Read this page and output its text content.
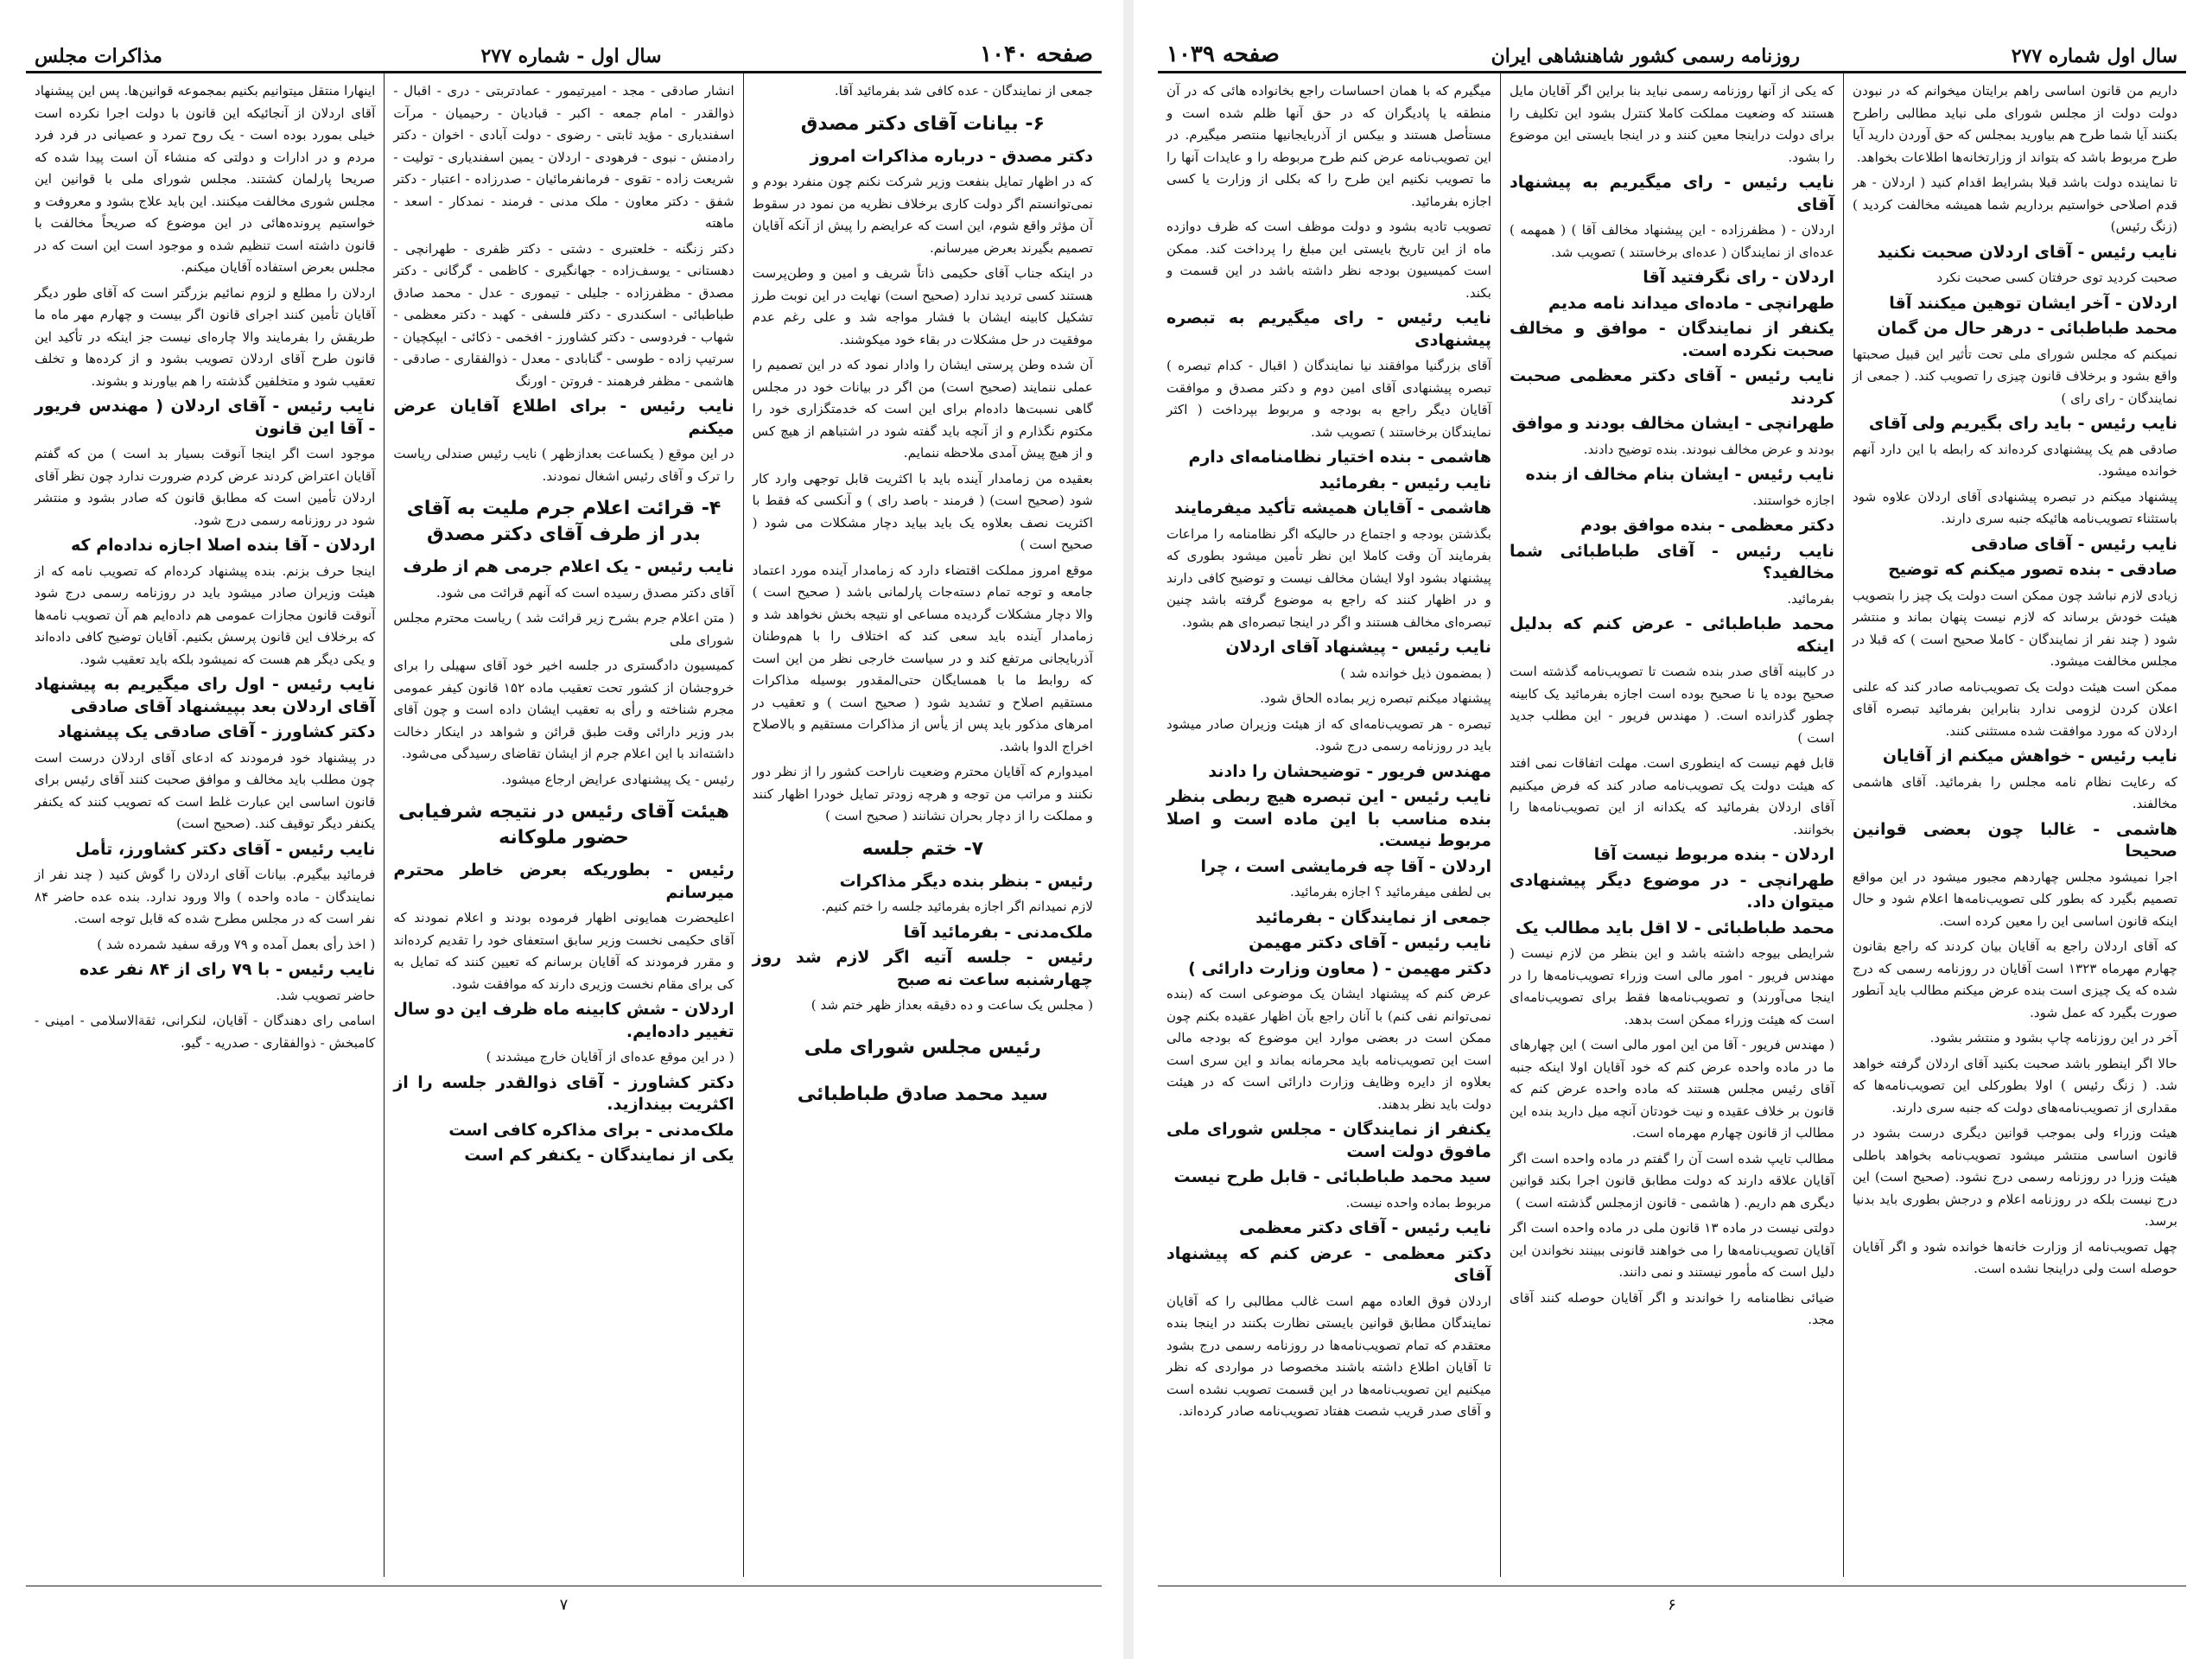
صفحه ۱۰۴۰
سال اول - شماره ۲۷۷
مذاکرات مجلس

جمعی از نمایندگان - عده کافی شد بفرمائید آقا.

۶- بیانات آقای دکتر مصدق

دکتر مصدق - درباره مذاکرات امروز

که در اظهار تمایل بنفعت وزیر شرکت نکنم چون منفرد بودم و نمی‌توانستم اگر دولت کاری برخلاف نظریه من نمود در سقوط آن مؤثر واقع شوم، این است که عرایضم را پیش از آنکه آقایان تصمیم بگیرند بعرض میرسانم.

در اینکه جناب آقای حکیمی ذاتاً شریف و امین و وطن‌پرست هستند کسی تردید ندارد (صحیح است) نهایت در این نوبت طرز تشکیل کابینه ایشان با فشار مواجه شد و علی رغم عدم موفقیت در حل مشکلات در بقاء خود میکوشند.

آن شده وطن پرستی ایشان را وادار نمود که در این تصمیم را عملی ننمایند (صحیح است) من اگر در بیانات خود در مجلس گاهی نسبت‌ها داده‌ام برای این است که خدمتگزاری خود را مکتوم نگذارم و از آنچه باید گفته شود در اشتباهم از هیچ کس و از هیچ پیش آمدی ملاحظه ننمایم.

بعقیده من زمامدار آینده باید با اکثریت قابل توجهی وارد کار شود (صحیح است) ( فرمند - باصد رای ) و آنکسی که فقط با اکثریت نصف بعلاوه یک باید بیاید دچار مشکلات می شود ( صحیح است )

موقع امروز مملکت اقتضاء دارد که زمامدار آینده مورد اعتماد جامعه و توجه تمام دسته‌جات پارلمانی باشد ( صحیح است ) والا دچار مشکلات گردیده مساعی او نتیجه بخش نخواهد شد و زمامدار آینده باید سعی کند که اختلاف را با هم‌وطنان آذربایجانی مرتفع کند و در سیاست خارجی نظر من این است که روابط ما با همسایگان حتی‌المقدور بوسیله مذاکرات مستقیم اصلاح و تشدید شود ( صحیح است ) و تعقیب در امرهای مذکور باید پس از یأس از مذاکرات مستقیم و بالاصلاح اخراج الدوا باشد.

امیدوارم که آقایان محترم وضعیت ناراحت کشور را از نظر دور نکنند و مراتب من توجه و هرچه زودتر تمایل خودرا اظهار کنند و مملکت را از دچار بحران نشانند ( صحیح است )

۷- ختم جلسه

رئیس - بنظر بنده دیگر مذاکرات

لازم نمیدانم اگر اجازه بفرمائید جلسه را ختم کنیم.

ملک‌مدنی - بفرمائید آقا

رئیس - جلسه آتیه اگر لازم شد روز چهارشنبه ساعت نه صبح

( مجلس یک ساعت و ده دقیقه بعداز ظهر ختم شد )

رئیس مجلس شورای ملی
سید محمد صادق طباطبائی

انشار صادقی - مجد - امیرتیمور - عمادتربتی - دری - اقبال - ذوالقدر - امام جمعه - اکبر - قبادیان - رحیمیان - مرآت اسفندیاری - مؤید ثابتی - رضوی - دولت آبادی - اخوان - دکتر رادمنش - نبوی - فرهودی - اردلان - یمین اسفندیاری - تولیت - شریعت زاده - تقوی - فرمانفرمائیان - صدرزاده - اعتبار - دکتر شفق - دکتر معاون - ملک مدنی - فرمند - نمدکار - اسعد - ماهته

دکتر زنگنه - خلعتبری - دشتی - دکتر ظفری - طهرانچی - دهستانی - یوسف‌زاده - جهانگیری - کاظمی - گرگانی - دکتر مصدق - مظفرزاده - جلیلی - تیموری - عدل - محمد صادق طباطبائی - اسکندری - دکتر فلسفی - کهبد - دکتر معظمی - شهاب - فردوسی - دکتر کشاورز - افخمی - ذکائی - ایپکچیان - سرتیپ زاده - طوسی - گنابادی - معدل - ذوالفقاری - صادقی - هاشمی - مظفر فرهمند - فروتن - اورنگ

نایب رئیس - برای اطلاع آقایان عرض میکنم

در این موقع ( یکساعت بعدازظهر ) نایب رئیس صندلی ریاست را ترک و آقای رئیس اشغال نمودند.

۴- قرائت اعلام جرم ملیت به آقای بدر از طرف آقای دکتر مصدق

نایب رئیس - یک اعلام جرمی هم از طرف

آقای دکتر مصدق رسیده است که آنهم قرائت می شود.

( متن اعلام جرم بشرح زیر قرائت شد ) ریاست محترم مجلس شورای ملی

کمیسیون دادگستری در جلسه اخیر خود آقای سهیلی را برای خروجشان از کشور تحت تعقیب ماده ۱۵۲ قانون کیفر عمومی مجرم شناخته و رأی به تعقیب ایشان داده است و چون آقای بدر وزیر دارائی وقت طبق قرائن و شواهد در اینکار دخالت داشته‌اند با این اعلام جرم از ایشان تقاضای رسیدگی می‌شود.

رئیس - یک پیشنهادی عرایض ارجاع میشود.

هیئت آقای رئیس در نتیجه شرفیابی حضور ملوکانه

رئیس - بطوریکه بعرض خاطر محترم میرسانم

اعلیحضرت همایونی اظهار فرموده بودند و اعلام نمودند که آقای حکیمی نخست وزیر سابق استعفای خود را تقدیم کرده‌اند و مقرر فرمودند که آقایان برسانم که تعیین کنند که تمایل به کی برای مقام نخست وزیری دارند که موافقت شود.

اردلان - شش کابینه ماه ظرف این دو سال تغییر داده‌ایم.

( در این موقع عده‌ای از آقایان خارج میشدند )

دکتر کشاورز - آقای ذوالقدر جلسه را از اکثریت بیندازید.

ملک‌مدنی - برای مذاکره کافی است

یکی از نمایندگان - یکنفر کم است

اینهارا منتقل میتوانیم بکنیم بمجموعه قوانین‌ها. پس این پیشنهاد آقای اردلان از آنجائیکه این قانون با دولت اجرا نکرده است خیلی بمورد بوده است - یک روح تمرد و عصیانی در فرد فرد مردم و در ادارات و دولتی که منشاء آن است پیدا شده که صریحا پارلمان کشتند. مجلس شورای ملی با قوانین این مجلس شوری مخالفت میکنند. این باید علاج بشود و معروفت و خواستیم پرونده‌هائی در این موضوع که صریحاً مخالفت با قانون داشته است تنظیم شده و موجود است این است که در مجلس بعرض استفاده آقایان میکنم.

اردلان را مطلع و لزوم نمائیم بزرگتر است که آقای طور دیگر آقایان تأمین کنند اجرای قانون اگر بیست و چهارم مهر ماه ما طریقش را بفرمایند والا چاره‌ای نیست جز اینکه در تأکید این قانون طرح آقای اردلان تصویب بشود و از کرده‌ها و تخلف تعقیب شود و متخلفین گذشته را هم بیاورند و بشوند.

نایب رئیس - آقای اردلان ( مهندس فریور - آقا این قانون

موجود است اگر اینجا آنوقت بسیار بد است ) من که گفتم آقایان اعتراض کردند عرض کردم ضرورت ندارد چون نظر آقای اردلان تأمین است که مطابق قانون که صادر بشود و منتشر شود در روزنامه رسمی درج شود.

اردلان - آقا بنده اصلا اجازه نداده‌ام که

اینجا حرف بزنم. بنده پیشنهاد کرده‌ام که تصویب نامه که از هیئت وزیران صادر میشود باید در روزنامه رسمی درج شود آنوقت قانون مجازات عمومی هم داده‌ایم هم آن تصویب نامه‌ها که برخلاف این قانون پرسش بکنیم. آقایان توضیح کافی داده‌اند و یکی دیگر هم هست که نمیشود بلکه باید تعقیب شود.

نایب رئیس - اول رای میگیریم به پیشنهاد آقای اردلان بعد بپیشنهاد آقای صادقی

دکتر کشاورز - آقای صادقی یک پیشنهاد

در پیشنهاد خود فرمودند که ادعای آقای اردلان درست است چون مطلب باید مخالف و موافق صحبت کنند آقای رئیس برای قانون اساسی این عبارت غلط است که تصویب کنند که یکنفر یکنفر دیگر توقیف کند. (صحیح است)

نایب رئیس - آقای دکتر کشاورز، تأمل

فرمائید بیگیرم. بیانات آقای اردلان را گوش کنید ( چند نفر از نمایندگان - ماده واحده ) والا ورود ندارد. بنده عده حاضر ۸۴ نفر است که در مجلس مطرح شده که قابل توجه است.

( اخذ رأی بعمل آمده و ۷۹ ورقه سفید شمرده شد )

نایب رئیس - با ۷۹ رای از ۸۴ نفر عده

حاضر تصویب شد.

اسامی رای دهندگان - آقایان، لنکرانی، ثقة‌الاسلامی - امینی - کامبخش - ذوالفقاری - صدریه - گیو.

۷
سال اول شماره ۲۷۷
روزنامه رسمی کشور شاهنشاهی ایران
صفحه ۱۰۳۹

داریم من قانون اساسی راهم برایتان میخوانم که در نبودن دولت دولت از مجلس شورای ملی نباید مطالبی راطرح بکنند آیا شما طرح هم بیاورید بمجلس که حق آوردن دارید آیا طرح مربوط باشد که بتواند از وزارتخانه‌ها اطلاعات بخواهد.

تا نماینده دولت باشد قبلا بشرایط اقدام کنید ( اردلان - هر قدم اصلاحی خواستیم برداریم شما همیشه مخالفت کردید ) (زنگ رئیس)

نایب رئیس - آقای اردلان صحبت نکنید

صحبت کردید توی حرفتان کسی صحبت نکرد

اردلان - آخر ایشان توهین میکنند آقا

محمد طباطبائی - درهر حال من گمان

نمیکنم که مجلس شورای ملی تحت تأثیر این قبیل صحبتها واقع بشود و برخلاف قانون چیزی را تصویب کند. ( جمعی از نمایندگان - رای‌ رای )

نایب رئیس - باید رای بگیریم ولی آقای

صادقی هم یک پیشنهادی کرده‌اند که رابطه با این دارد آنهم خوانده میشود.

پیشنهاد میکنم در تبصره پیشنهادی آقای اردلان علاوه شود باستثناء تصویب‌نامه هائیکه جنبه سری دارند.

نایب رئیس - آقای صادقی

صادقی - بنده تصور میکنم که توضیح

زیادی لازم نباشد چون ممکن است دولت یک چیز را بتصویب هیئت خودش برساند که لازم نیست پنهان بماند و منتشر شود ( چند نفر از نمایندگان - کاملا صحیح است ) که قبلا در مجلس مخالفت میشود.

ممکن است هیئت دولت یک تصویب‌نامه صادر کند که علنی اعلان کردن لزومی ندارد بنابراین بفرمائید تبصره آقای اردلان که مورد موافقت شده مستثنی کنند.

نایب رئیس - خواهش میکنم از آقایان

که رعایت نظام نامه مجلس را بفرمائید. آقای هاشمی مخالفند.

هاشمی - غالبا چون بعضی قوانین صحیحا

اجرا نمیشود مجلس چهاردهم مجبور میشود در این مواقع تصمیم بگیرد که بطور کلی تصویب‌نامه‌ها اعلام شود و حال اینکه قانون اساسی این را معین کرده است.

که آقای اردلان راجع به آقایان بیان کردند که راجع بقانون چهارم مهرماه ۱۳۲۳ است آقایان در روزنامه رسمی که درج شده که یک چیزی است بنده عرض میکنم مطالب باید آنطور صورت بگیرد که عمل شود.

آخر در این روزنامه چاپ بشود و منتشر بشود.

حالا اگر اینطور باشد صحبت بکنید آقای اردلان گرفته خواهد شد. ( زنگ رئیس ) اولا بطورکلی این تصویب‌نامه‌ها که مقداری از تصویب‌نامه‌های دولت که جنبه سری دارند.

هیئت وزراء ولی بموجب قوانین دیگری درست بشود در قانون اساسی منتشر میشود تصویب‌نامه بخواهد باطلی هیئت وزرا در روزنامه رسمی درج نشود. (صحیح است) این درج نیست بلکه در روزنامه اعلام و درجش بطوری باید بدنیا برسد.

چهل تصویب‌نامه از وزارت خانه‌ها خوانده شود و اگر آقایان حوصله است ولی دراینجا نشده است.

که یکی از آنها روزنامه رسمی نباید بنا براین اگر آقایان مایل هستند که وضعیت مملکت کاملا کنترل بشود این تکلیف را برای دولت دراینجا معین کنند و در اینجا بایستی این موضوع را بشود.

نایب رئیس - رای میگیریم به پیشنهاد آقای

اردلان - ( مظفرزاده - این پیشنهاد مخالف آقا ) ( همهمه ) عده‌ای از نمایندگان ( عده‌ای برخاستند ) تصویب شد.

اردلان - رای نگرفتید آقا

طهرانچی - ماده‌ای میداند نامه مدیم

یکنفر از نمایندگان - موافق و مخالف صحبت نکرده است.

نایب رئیس - آقای دکتر معظمی صحبت کردند

طهرانچی - ایشان مخالف بودند و موافق

بودند و عرض مخالف نبودند. بنده توضیح دادند.

نایب رئیس - ایشان بنام مخالف از بنده

اجازه خواستند.

دکتر معظمی - بنده موافق بودم

نایب رئیس - آقای طباطبائی شما مخالفید؟

بفرمائید.

محمد طباطبائی - عرض کنم که بدلیل اینکه

در کابینه آقای صدر بنده شصت تا تصویب‌نامه گذشته است صحیح بوده یا نا صحیح بوده است اجازه بفرمائید یک کابینه چطور گذرانده است. ( مهندس فریور - این مطلب جدید است )

قابل فهم نیست که اینطوری است. مهلت اتفاقات نمی افتد که هیئت دولت یک تصویب‌نامه صادر کند که فرض میکنیم آقای اردلان بفرمائید که یکدانه از این تصویب‌نامه‌ها را بخوانند.

اردلان - بنده مربوط نیست آقا

طهرانچی - در موضوع دیگر پیشنهادی میتوان داد.

محمد طباطبائی - لا اقل باید مطالب یک

شرایطی بیوجه داشته باشد و این بنظر من لازم نیست ( مهندس فریور - امور مالی است وزراء تصویب‌نامه‌ها را در اینجا می‌آورند) و تصویب‌نامه‌ها فقط برای تصویب‌نامه‌ای است که هیئت وزراء ممکن است بدهد.

( مهندس فریور - آقا من این امور مالی است ) این چهارهای ما در ماده واحده عرض کنم که خود آقایان اولا اینکه جنبه آقای رئیس مجلس هستند که ماده واحده عرض کنم که قانون بر خلاف عقیده و نیت خودتان آنچه میل دارید بنده این مطالب از قانون چهارم مهرماه است.

مطالب تایپ شده است آن را گفتم در ماده واحده است اگر آقایان علاقه دارند که دولت مطابق قانون اجرا بکند قوانین دیگری هم داریم. ( هاشمی - قانون ازمجلس گذشته است )

دولتی نیست در ماده ۱۳ قانون ملی در ماده واحده است اگر آقایان تصویب‌نامه‌ها را می خواهند قانونی ببینند نخواندن این دلیل است که مأمور نیستند و نمی دانند.

ضیائی نظامنامه را خواندند و اگر آقایان حوصله کنند آقای مجد.

میگیرم که با همان احساسات راجع بخانواده هائی که در آن منطقه یا پادیگران که در حق آنها ظلم شده است و مستأصل هستند و بیکس از آذربایجانیها منتصر میگیرم. در این تصویب‌نامه عرض کنم طرح مربوطه را و عایدات آنها را ما تصویب نکنیم این طرح را که بکلی از وزارت یا کسی اجازه بفرمائید.

تصویب تادیه بشود و دولت موظف است که ظرف دوازده ماه از این تاریخ بایستی این مبلغ را پرداخت کند. ممکن است کمیسیون بودجه نظر داشته باشد در این قسمت و بکند.

نایب رئیس - رای میگیریم به تبصره پیشنهادی

آقای بزرگنیا موافقند نیا نمایندگان ( اقبال - کدام تبصره ) تبصره پیشنهادی آقای امین دوم و دکتر مصدق و موافقت آقایان دیگر راجع به بودجه و مربوط بپرداخت ( اکثر نمایندگان برخاستند ) تصویب شد.

هاشمی - بنده اختیار نظامنامه‌ای دارم

نایب رئیس - بفرمائید

هاشمی - آقایان همیشه تأکید میفرمایند

بگذشتن بودجه و اجتماع در حالیکه اگر نظامنامه را مراعات بفرمایند آن وقت کاملا این نظر تأمین میشود بطوری که پیشنهاد بشود اولا ایشان مخالف نیست و توضیح کافی دارند و در اظهار کنند که راجع به موضوع گرفته باشد چنین تبصره‌ای مخالف هستند و اگر در اینجا تبصره‌ای هم بشود.

نایب رئیس - پیشنهاد آقای اردلان

( بمضمون ذیل خوانده شد )

پیشنهاد میکنم تبصره زیر بماده الحاق شود.

تبصره - هر تصویب‌نامه‌ای که از هیئت وزیران صادر میشود باید در روزنامه رسمی درج شود.

مهندس فریور - توضیحشان را دادند

نایب رئیس - این تبصره هیچ ربطی بنظر بنده مناسب با این ماده است و اصلا مربوط نیست.

اردلان - آقا چه فرمایشی است ، چرا

بی لطفی میفرمائید ؟ اجازه بفرمائید.

جمعی از نمایندگان - بفرمائید

نایب رئیس - آقای دکتر مهیمن

دکتر مهیمن - ( معاون وزارت دارائی )

عرض کنم که پیشنهاد ایشان یک موضوعی است که (بنده نمی‌توانم نفی کنم) با آنان راجع بآن اظهار عقیده بکنم چون ممکن است در بعضی موارد این موضوع که بودجه مالی است این تصویب‌نامه باید محرمانه بماند و این سری است بعلاوه از دایره وظایف وزارت دارائی است که در هیئت دولت باید نظر بدهند.

یکنفر از نمایندگان - مجلس شورای ملی مافوق دولت است

سید محمد طباطبائی - قابل طرح نیست

مربوط بماده واحده نیست.

نایب رئیس - آقای دکتر معظمی

دکتر معظمی - عرض کنم که پیشنهاد آقای

اردلان فوق العاده مهم است غالب مطالبی را که آقایان نمایندگان مطابق قوانین بایستی نظارت بکنند در اینجا بنده معتقدم که تمام تصویب‌نامه‌ها در روزنامه رسمی درج بشود تا آقایان اطلاع داشته باشند مخصوصا در مواردی که نظر میکنیم این تصویب‌نامه‌ها در این قسمت تصویب نشده است و آقای صدر قریب شصت هفتاد تصویب‌نامه صادر کرده‌اند.

۶
